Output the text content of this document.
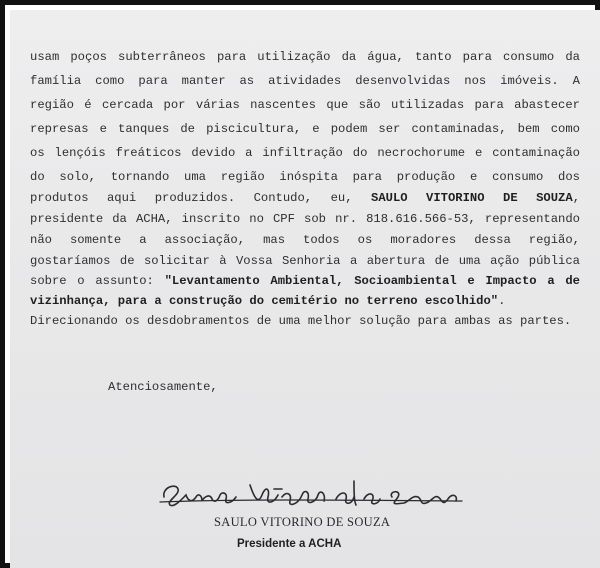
usam poços subterrâneos para utilização da água, tanto para consumo da
família como para manter as atividades desenvolvidas nos imóveis. A
região é cercada por várias nascentes que são utilizadas para abastecer
represas e tanques de piscicultura, e podem ser contaminadas, bem como
os lençóis freáticos devido a infiltração do necrochorume e contaminação
do solo, tornando uma região inóspita para produção e consumo dos
produtos aqui produzidos. Contudo, eu, SAULO VITORINO DE SOUZA,
presidente da ACHA, inscrito no CPF sob nr. 818.616.566-53, representando
não somente a associação, mas todos os moradores dessa região,
gostaríamos de solicitar à Vossa Senhoria a abertura de uma ação pública
sobre o assunto: "Levantamento Ambiental, Socioambiental e Impacto a de
vizinhança, para a construção do cemitério no terreno escolhido".
Direcionando os desdobramentos de uma melhor solução para ambas as partes.
Atenciosamente,
SAULO VITORINO DE SOUZA
Presidente a ACHA
